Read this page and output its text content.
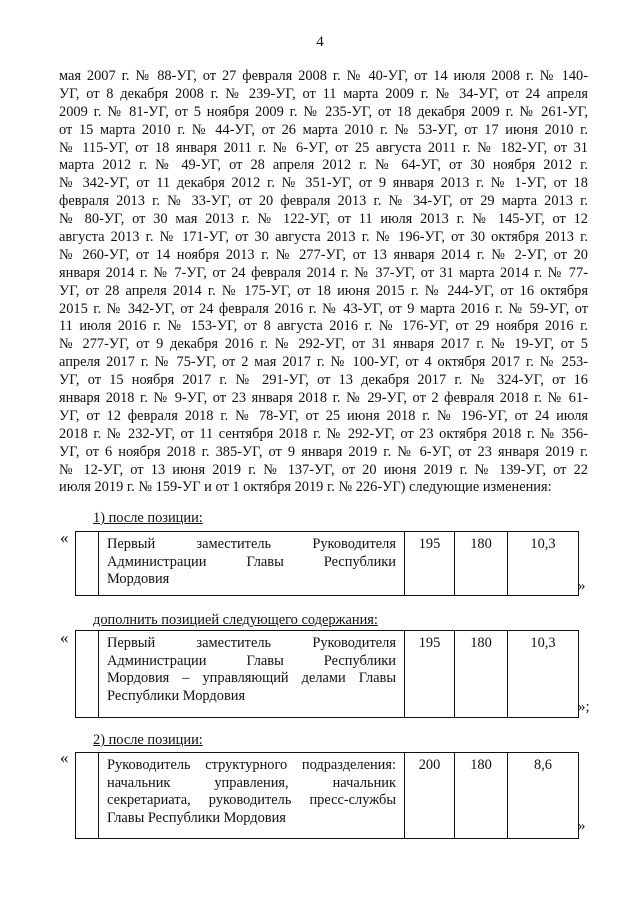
4
мая 2007 г. № 88-УГ, от 27 февраля 2008 г. № 40-УГ, от 14 июля 2008 г. № 140-
УГ, от 8 декабря 2008 г. № 239-УГ, от 11 марта 2009 г. № 34-УГ, от 24 апреля
2009 г. № 81-УГ, от 5 ноября 2009 г. № 235-УГ, от 18 декабря 2009 г. № 261-УГ,
от 15 марта 2010 г. № 44-УГ, от 26 марта 2010 г. № 53-УГ, от 17 июня 2010 г.
№ 115-УГ, от 18 января 2011 г. № 6-УГ, от 25 августа 2011 г. № 182-УГ, от 31
марта 2012 г. № 49-УГ, от 28 апреля 2012 г. № 64-УГ, от 30 ноября 2012 г.
№ 342-УГ, от 11 декабря 2012 г. № 351-УГ, от 9 января 2013 г. № 1-УГ, от 18
февраля 2013 г. № 33-УГ, от 20 февраля 2013 г. № 34-УГ, от 29 марта 2013 г.
№ 80-УГ, от 30 мая 2013 г. № 122-УГ, от 11 июля 2013 г. № 145-УГ, от 12
августа 2013 г. № 171-УГ, от 30 августа 2013 г. № 196-УГ, от 30 октября 2013 г.
№ 260-УГ, от 14 ноября 2013 г. № 277-УГ, от 13 января 2014 г. № 2-УГ, от 20
января 2014 г. № 7-УГ, от 24 февраля 2014 г. № 37-УГ, от 31 марта 2014 г. № 77-
УГ, от 28 апреля 2014 г. № 175-УГ, от 18 июня 2015 г. № 244-УГ, от 16 октября
2015 г. № 342-УГ, от 24 февраля 2016 г. № 43-УГ, от 9 марта 2016 г. № 59-УГ, от
11 июля 2016 г. № 153-УГ, от 8 августа 2016 г. № 176-УГ, от 29 ноября 2016 г.
№ 277-УГ, от 9 декабря 2016 г. № 292-УГ, от 31 января 2017 г. № 19-УГ, от 5
апреля 2017 г. № 75-УГ, от 2 мая 2017 г. № 100-УГ, от 4 октября 2017 г. № 253-
УГ, от 15 ноября 2017 г. № 291-УГ, от 13 декабря 2017 г. № 324-УГ, от 16
января 2018 г. № 9-УГ, от 23 января 2018 г. № 29-УГ, от 2 февраля 2018 г. № 61-
УГ, от 12 февраля 2018 г. № 78-УГ, от 25 июня 2018 г. № 196-УГ, от 24 июля
2018 г. № 232-УГ, от 11 сентября 2018 г. № 292-УГ, от 23 октября 2018 г. № 356-
УГ, от 6 ноября 2018 г. 385-УГ, от 9 января 2019 г. № 6-УГ, от 23 января 2019 г.
№ 12-УГ, от 13 июня 2019 г. № 137-УГ, от 20 июня 2019 г. № 139-УГ, от 22
июля 2019 г. № 159-УГ и от 1 октября 2019 г. № 226-УГ) следующие изменения:
1) после позиции:
«
		Первый заместитель Руководителя
Администрации Главы Республики
Мордовия
	195	180	10,3
»
дополнить позицией следующего содержания:
«
		Первый заместитель Руководителя
Администрации Главы Республики
Мордовия – управляющий делами Главы
Республики Мордовия
	195	180	10,3
»;
2) после позиции:
«
		Руководитель структурного подразделения:
начальник управления, начальник
секретариата, руководитель пресс-службы
Главы Республики Мордовия
	200	180	8,6
»
